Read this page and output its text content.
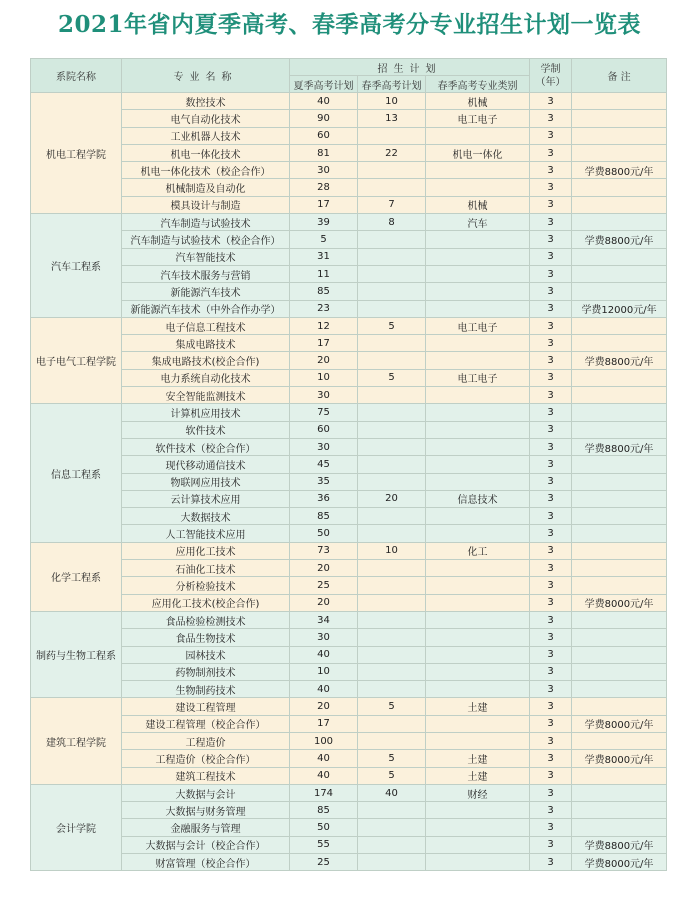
2021年省内夏季高考、春季高考分专业招生计划一览表
系院名称	专业名称	招生计划			学制（年）	备 注
		夏季高考计划	春季高考计划	春季高考专业类别		
机电工程学院	数控技术	40	10	机械	3	
	电气自动化技术	90	13	电工电子	3	
	工业机器人技术	60			3	
	机电一体化技术	81	22	机电一体化	3	
	机电一体化技术（校企合作）	30			3	学费8800元/年
	机械制造及自动化	28			3	
	模具设计与制造	17	7	机械	3	
汽车工程系	汽车制造与试验技术	39	8	汽车	3	
	汽车制造与试验技术（校企合作）	5			3	学费8800元/年
	汽车智能技术	31			3	
	汽车技术服务与营销	11			3	
	新能源汽车技术	85			3	
	新能源汽车技术（中外合作办学）	23			3	学费12000元/年
电子电气工程学院	电子信息工程技术	12	5	电工电子	3	
	集成电路技术	17			3	
	集成电路技术(校企合作)	20			3	学费8800元/年
	电力系统自动化技术	10	5	电工电子	3	
	安全智能监测技术	30			3	
信息工程系	计算机应用技术	75			3	
	软件技术	60			3	
	软件技术（校企合作）	30			3	学费8800元/年
	现代移动通信技术	45			3	
	物联网应用技术	35			3	
	云计算技术应用	36	20	信息技术	3	
	大数据技术	85			3	
	人工智能技术应用	50			3	
化学工程系	应用化工技术	73	10	化工	3	
	石油化工技术	20			3	
	分析检验技术	25			3	
	应用化工技术(校企合作)	20			3	学费8000元/年
制药与生物工程系	食品检验检测技术	34			3	
	食品生物技术	30			3	
	园林技术	40			3	
	药物制剂技术	10			3	
	生物制药技术	40			3	
建筑工程学院	建设工程管理	20	5	土建	3	
	建设工程管理（校企合作）	17			3	学费8000元/年
	工程造价	100			3	
	工程造价（校企合作）	40	5	土建	3	学费8000元/年
	建筑工程技术	40	5	土建	3	
会计学院	大数据与会计	174	40	财经	3	
	大数据与财务管理	85			3	
	金融服务与管理	50			3	
	大数据与会计（校企合作）	55			3	学费8800元/年
	财富管理（校企合作）	25			3	学费8000元/年
